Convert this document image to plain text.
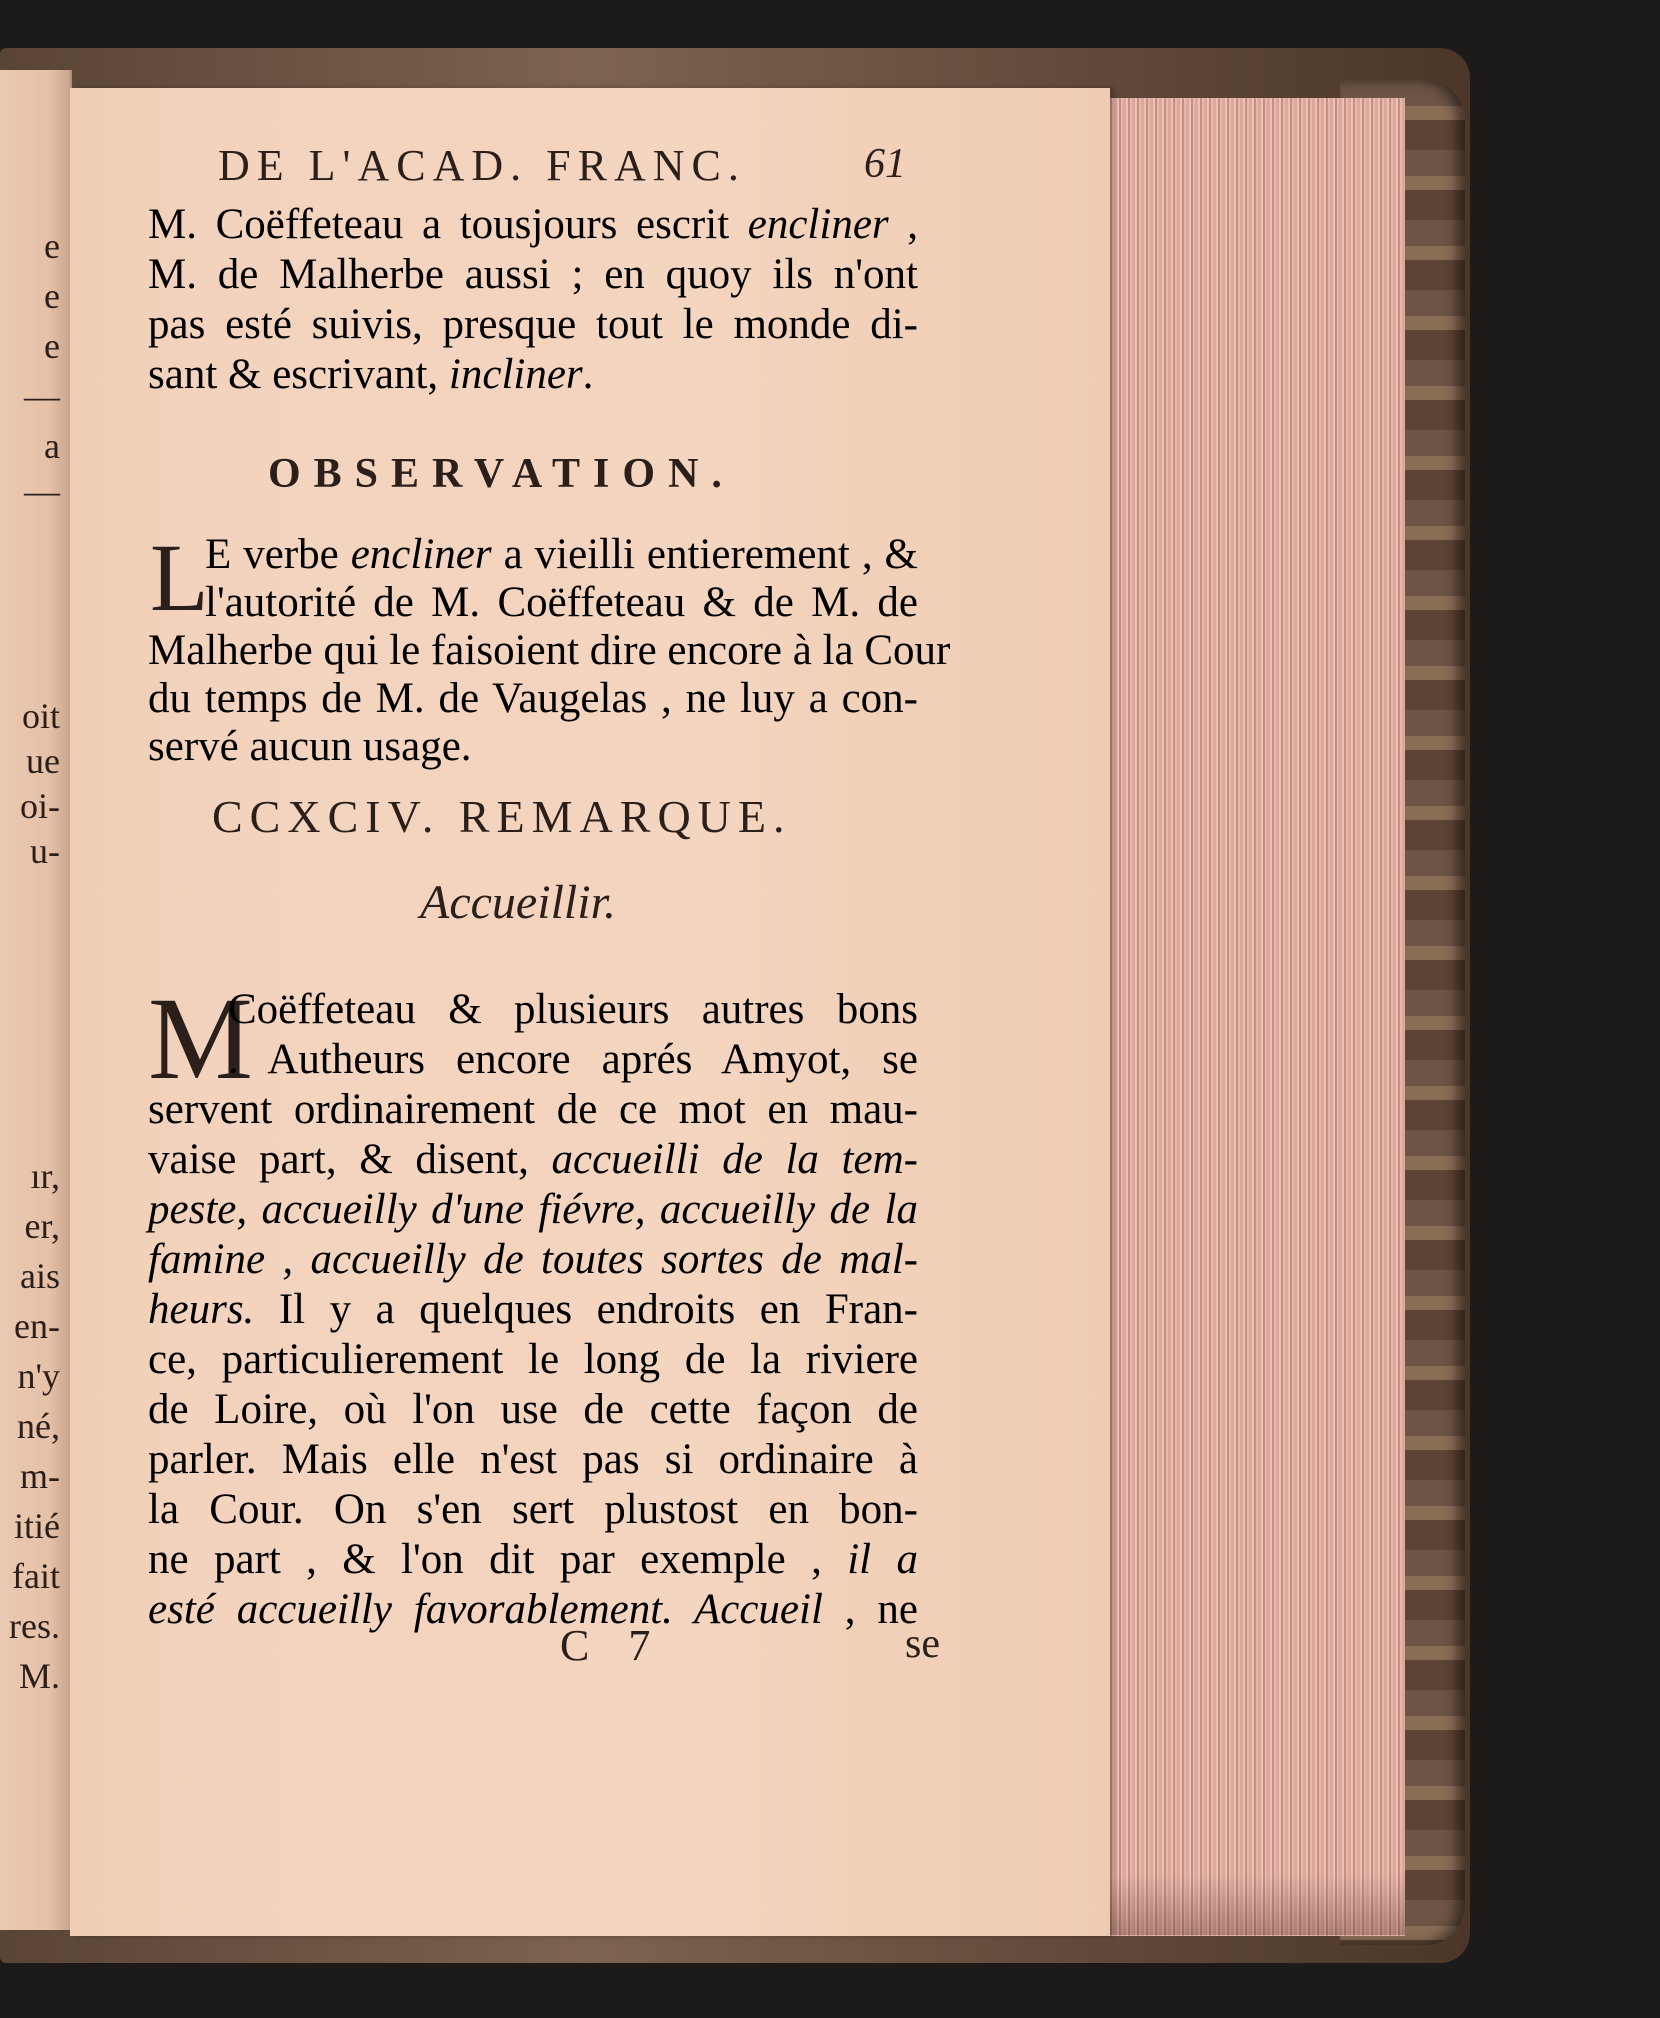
e
e
e
—
a
—
oit
ue
oi-
u-
ır,
er,
ais
en-
n'y
né,
m-
itié
fait
res.
M.
DE L'ACAD. FRANC.	61
M. Coëffeteau a tousjours escrit encliner ,
M. de Malherbe aussi ; en quoy ils n'ont
pas esté suivis, presque tout le monde di-
sant & escrivant, incliner.
OBSERVATION.
L
E verbe encliner a vieilli entierement , &
l'autorité de M. Coëffeteau & de M. de
Malherbe qui le faisoient dire encore à la Cour
du temps de M. de Vaugelas , ne luy a con-
servé aucun usage.
CCXCIV. REMARQUE.
Accueillir.
M
Coëffeteau & plusieurs autres bons
. Autheurs encore aprés Amyot, se
servent ordinairement de ce mot en mau-
vaise part, & disent, accueilli de la tem-
peste, accueilly d'une fiévre, accueilly de la
famine , accueilly de toutes sortes de mal-
heurs. Il y a quelques endroits en Fran-
ce, particulierement le long de la riviere
de Loire, où l'on use de cette façon de
parler. Mais elle n'est pas si ordinaire à
la Cour. On s'en sert plustost en bon-
ne part , & l'on dit par exemple , il a
esté accueilly favorablement. Accueil , ne
C 7	se
